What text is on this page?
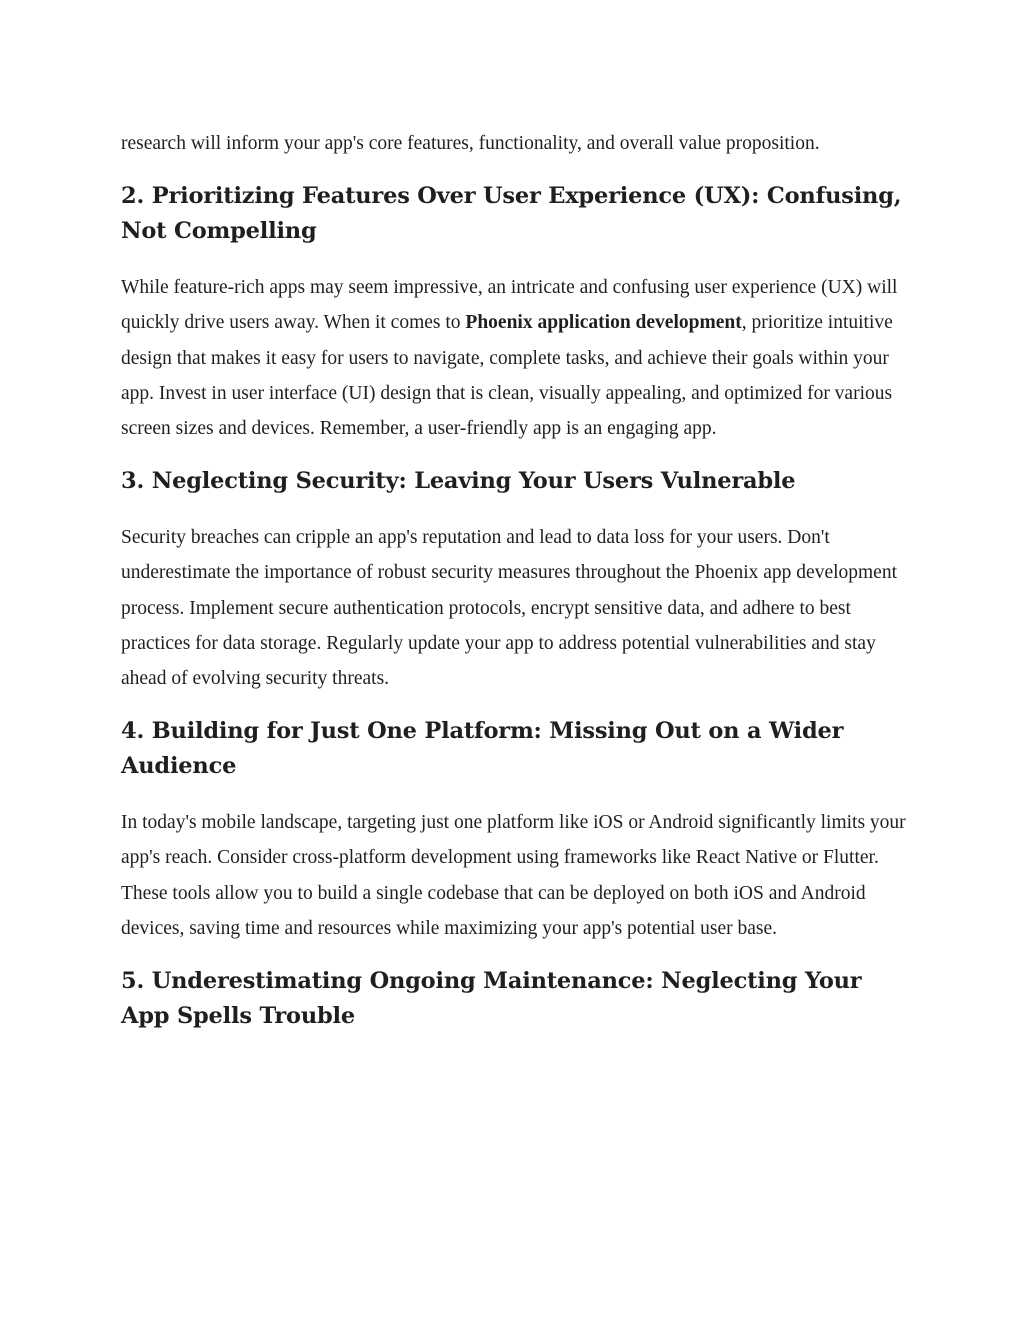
research will inform your app's core features, functionality, and overall value proposition.

2. Prioritizing Features Over User Experience (UX): Confusing, Not Compelling

While feature-rich apps may seem impressive, an intricate and confusing user experience (UX) will quickly drive users away. When it comes to Phoenix application development, prioritize intuitive design that makes it easy for users to navigate, complete tasks, and achieve their goals within your app. Invest in user interface (UI) design that is clean, visually appealing, and optimized for various screen sizes and devices. Remember, a user-friendly app is an engaging app.

3. Neglecting Security: Leaving Your Users Vulnerable

Security breaches can cripple an app's reputation and lead to data loss for your users. Don't underestimate the importance of robust security measures throughout the Phoenix app development process. Implement secure authentication protocols, encrypt sensitive data, and adhere to best practices for data storage. Regularly update your app to address potential vulnerabilities and stay ahead of evolving security threats.

4. Building for Just One Platform: Missing Out on a Wider Audience

In today's mobile landscape, targeting just one platform like iOS or Android significantly limits your app's reach. Consider cross-platform development using frameworks like React Native or Flutter. These tools allow you to build a single codebase that can be deployed on both iOS and Android devices, saving time and resources while maximizing your app's potential user base.

5. Underestimating Ongoing Maintenance: Neglecting Your App Spells Trouble
